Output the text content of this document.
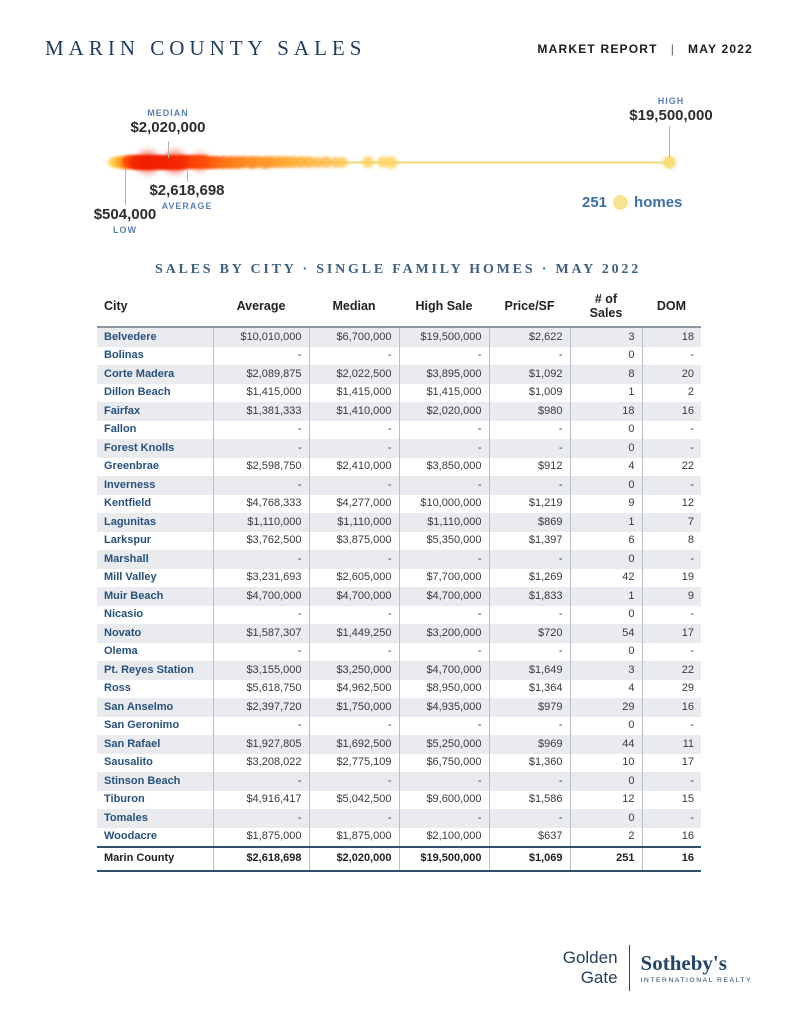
MARIN COUNTY SALES	MARKET REPORT | MAY 2022
MEDIAN
$2,020,000
$2,618,698
AVERAGE
$504,000
LOW
HIGH
$19,500,000
251 homes
SALES BY CITY · SINGLE FAMILY HOMES · MAY 2022
City	Average	Median	High Sale	Price/SF	# of Sales	DOM
Belvedere	$10,010,000	$6,700,000	$19,500,000	$2,622	3	18
Bolinas	-	-	-	-	0	-
Corte Madera	$2,089,875	$2,022,500	$3,895,000	$1,092	8	20
Dillon Beach	$1,415,000	$1,415,000	$1,415,000	$1,009	1	2
Fairfax	$1,381,333	$1,410,000	$2,020,000	$980	18	16
Fallon	-	-	-	-	0	-
Forest Knolls	-	-	-	-	0	-
Greenbrae	$2,598,750	$2,410,000	$3,850,000	$912	4	22
Inverness	-	-	-	-	0	-
Kentfield	$4,768,333	$4,277,000	$10,000,000	$1,219	9	12
Lagunitas	$1,110,000	$1,110,000	$1,110,000	$869	1	7
Larkspur	$3,762,500	$3,875,000	$5,350,000	$1,397	6	8
Marshall	-	-	-	-	0	-
Mill Valley	$3,231,693	$2,605,000	$7,700,000	$1,269	42	19
Muir Beach	$4,700,000	$4,700,000	$4,700,000	$1,833	1	9
Nicasio	-	-	-	-	0	-
Novato	$1,587,307	$1,449,250	$3,200,000	$720	54	17
Olema	-	-	-	-	0	-
Pt. Reyes Station	$3,155,000	$3,250,000	$4,700,000	$1,649	3	22
Ross	$5,618,750	$4,962,500	$8,950,000	$1,364	4	29
San Anselmo	$2,397,720	$1,750,000	$4,935,000	$979	29	16
San Geronimo	-	-	-	-	0	-
San Rafael	$1,927,805	$1,692,500	$5,250,000	$969	44	11
Sausalito	$3,208,022	$2,775,109	$6,750,000	$1,360	10	17
Stinson Beach	-	-	-	-	0	-
Tiburon	$4,916,417	$5,042,500	$9,600,000	$1,586	12	15
Tomales	-	-	-	-	0	-
Woodacre	$1,875,000	$1,875,000	$2,100,000	$637	2	16
Marin County	$2,618,698	$2,020,000	$19,500,000	$1,069	251	16
Golden
Gate
Sotheby's
INTERNATIONAL REALTY
